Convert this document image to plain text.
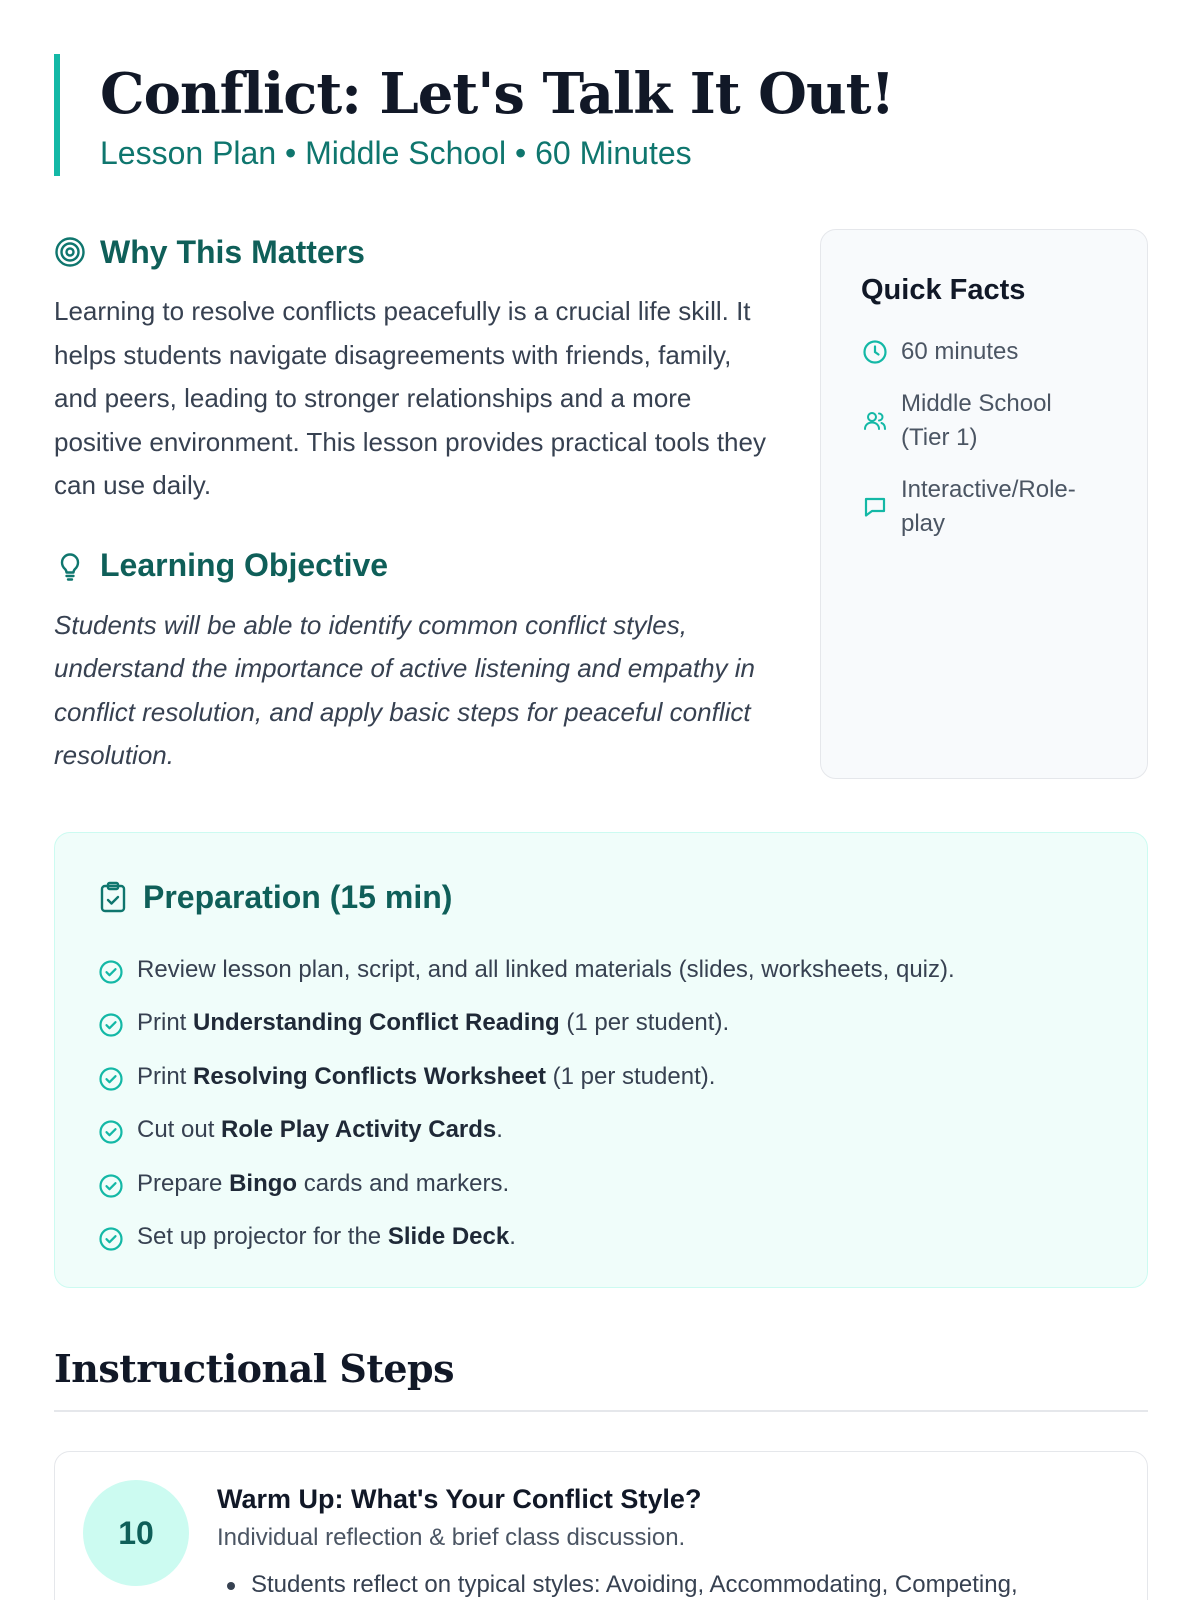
Conflict: Let's Talk It Out!
Lesson Plan • Middle School • 60 Minutes
Why This Matters

Learning to resolve conflicts peacefully is a crucial life skill. It helps students navigate disagreements with friends, family, and peers, leading to stronger relationships and a more positive environment. This lesson provides practical tools they can use daily.

Learning Objective

Students will be able to identify common conflict styles, understand the importance of active listening and empathy in conflict resolution, and apply basic steps for peaceful conflict resolution.

Quick Facts
60 minutes
Middle School (Tier 1)
Interactive/Role-play
Preparation (15 min)
Review lesson plan, script, and all linked materials (slides, worksheets, quiz).
Print Understanding Conflict Reading (1 per student).
Print Resolving Conflicts Worksheet (1 per student).
Cut out Role Play Activity Cards.
Prepare Bingo cards and markers.
Set up projector for the Slide Deck.
Instructional Steps
10
Warm Up: What's Your Conflict Style?
Individual reflection & brief class discussion.
Students reflect on typical styles: Avoiding, Accommodating, Competing,
